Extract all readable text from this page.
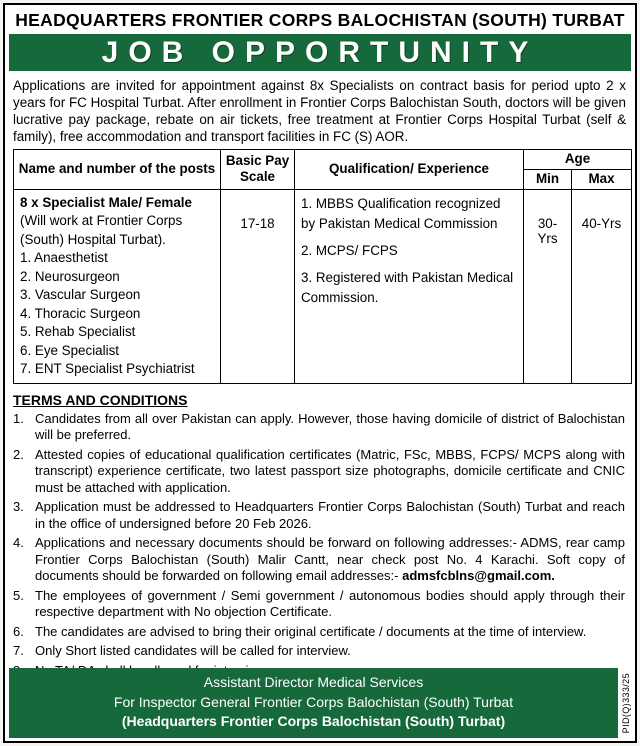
HEADQUARTERS FRONTIER CORPS BALOCHISTAN (SOUTH) TURBAT
JOB OPPORTUNITY
Applications are invited for appointment against 8x Specialists on contract basis for period upto 2 x years for FC Hospital Turbat. After enrollment in Frontier Corps Balochistan South, doctors will be given lucrative pay package, rebate on air tickets, free treatment at Frontier Corps Hospital Turbat (self & family), free accommodation and transport facilities in FC (S) AOR.
Name and number of the posts	Basic Pay Scale	Qualification/ Experience	Age	
			Min	Max

8 x Specialist Male/ Female
(Will work at Frontier Corps (South) Hospital Turbat).
1. Anaesthetist
2. Neurosurgeon
3. Vascular Surgeon
4. Thoracic Surgeon
5. Rehab Specialist
6. Eye Specialist
7. ENT Specialist Psychiatrist
	17-18	
1. MBBS Qualification recognized by Pakistan Medical Commission
2. MCPS/ FCPS
3. Registered with Pakistan Medical Commission.
	30-Yrs	40-Yrs
TERMS AND CONDITIONS
1. Candidates from all over Pakistan can apply. However, those having domicile of district of Balochistan will be preferred.
2. Attested copies of educational qualification certificates (Matric, FSc, MBBS, FCPS/ MCPS along with transcript) experience certificate, two latest passport size photographs, domicile certificate and CNIC must be attached with application.
3. Application must be addressed to Headquarters Frontier Corps Balochistan (South) Turbat and reach in the office of undersigned before 20 Feb 2026.
4. Applications and necessary documents should be forward on following addresses:- ADMS, rear camp Frontier Corps Balochistan (South) Malir Cantt, near check post No. 4 Karachi. Soft copy of documents should be forwarded on following email addresses:- admsfcblns@gmail.com.
5. The employees of government / Semi government / autonomous bodies should apply through their respective department with No objection Certificate.
6. The candidates are advised to bring their original certificate / documents at the time of interview.
7. Only Short listed candidates will be called for interview.
Assistant Director Medical Services
For Inspector General Frontier Corps Balochistan (South) Turbat
(Headquarters Frontier Corps Balochistan (South) Turbat)	PID(Q)333/25
